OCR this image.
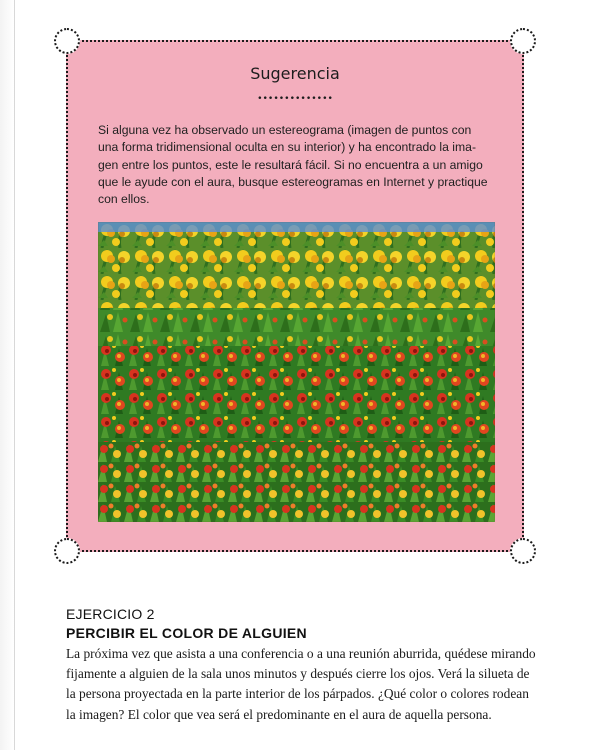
Sugerencia
••••••••••••••
Si alguna vez ha observado un estereograma (imagen de puntos con una forma tridimensional oculta en su interior) y ha encontrado la ima-gen entre los puntos, este le resultará fácil. Si no encuentra a un amigo que le ayude con el aura, busque estereogramas en Internet y practique con ellos.
EJERCICIO 2
PERCIBIR EL COLOR DE ALGUIEN

La próxima vez que asista a una conferencia o a una reunión aburrida, quédese mirando fijamente a alguien de la sala unos minutos y después cierre los ojos. Verá la silueta de la persona proyectada en la parte interior de los párpados. ¿Qué color o colores rodean la imagen? El color que vea será el predominante en el aura de aquella persona.
